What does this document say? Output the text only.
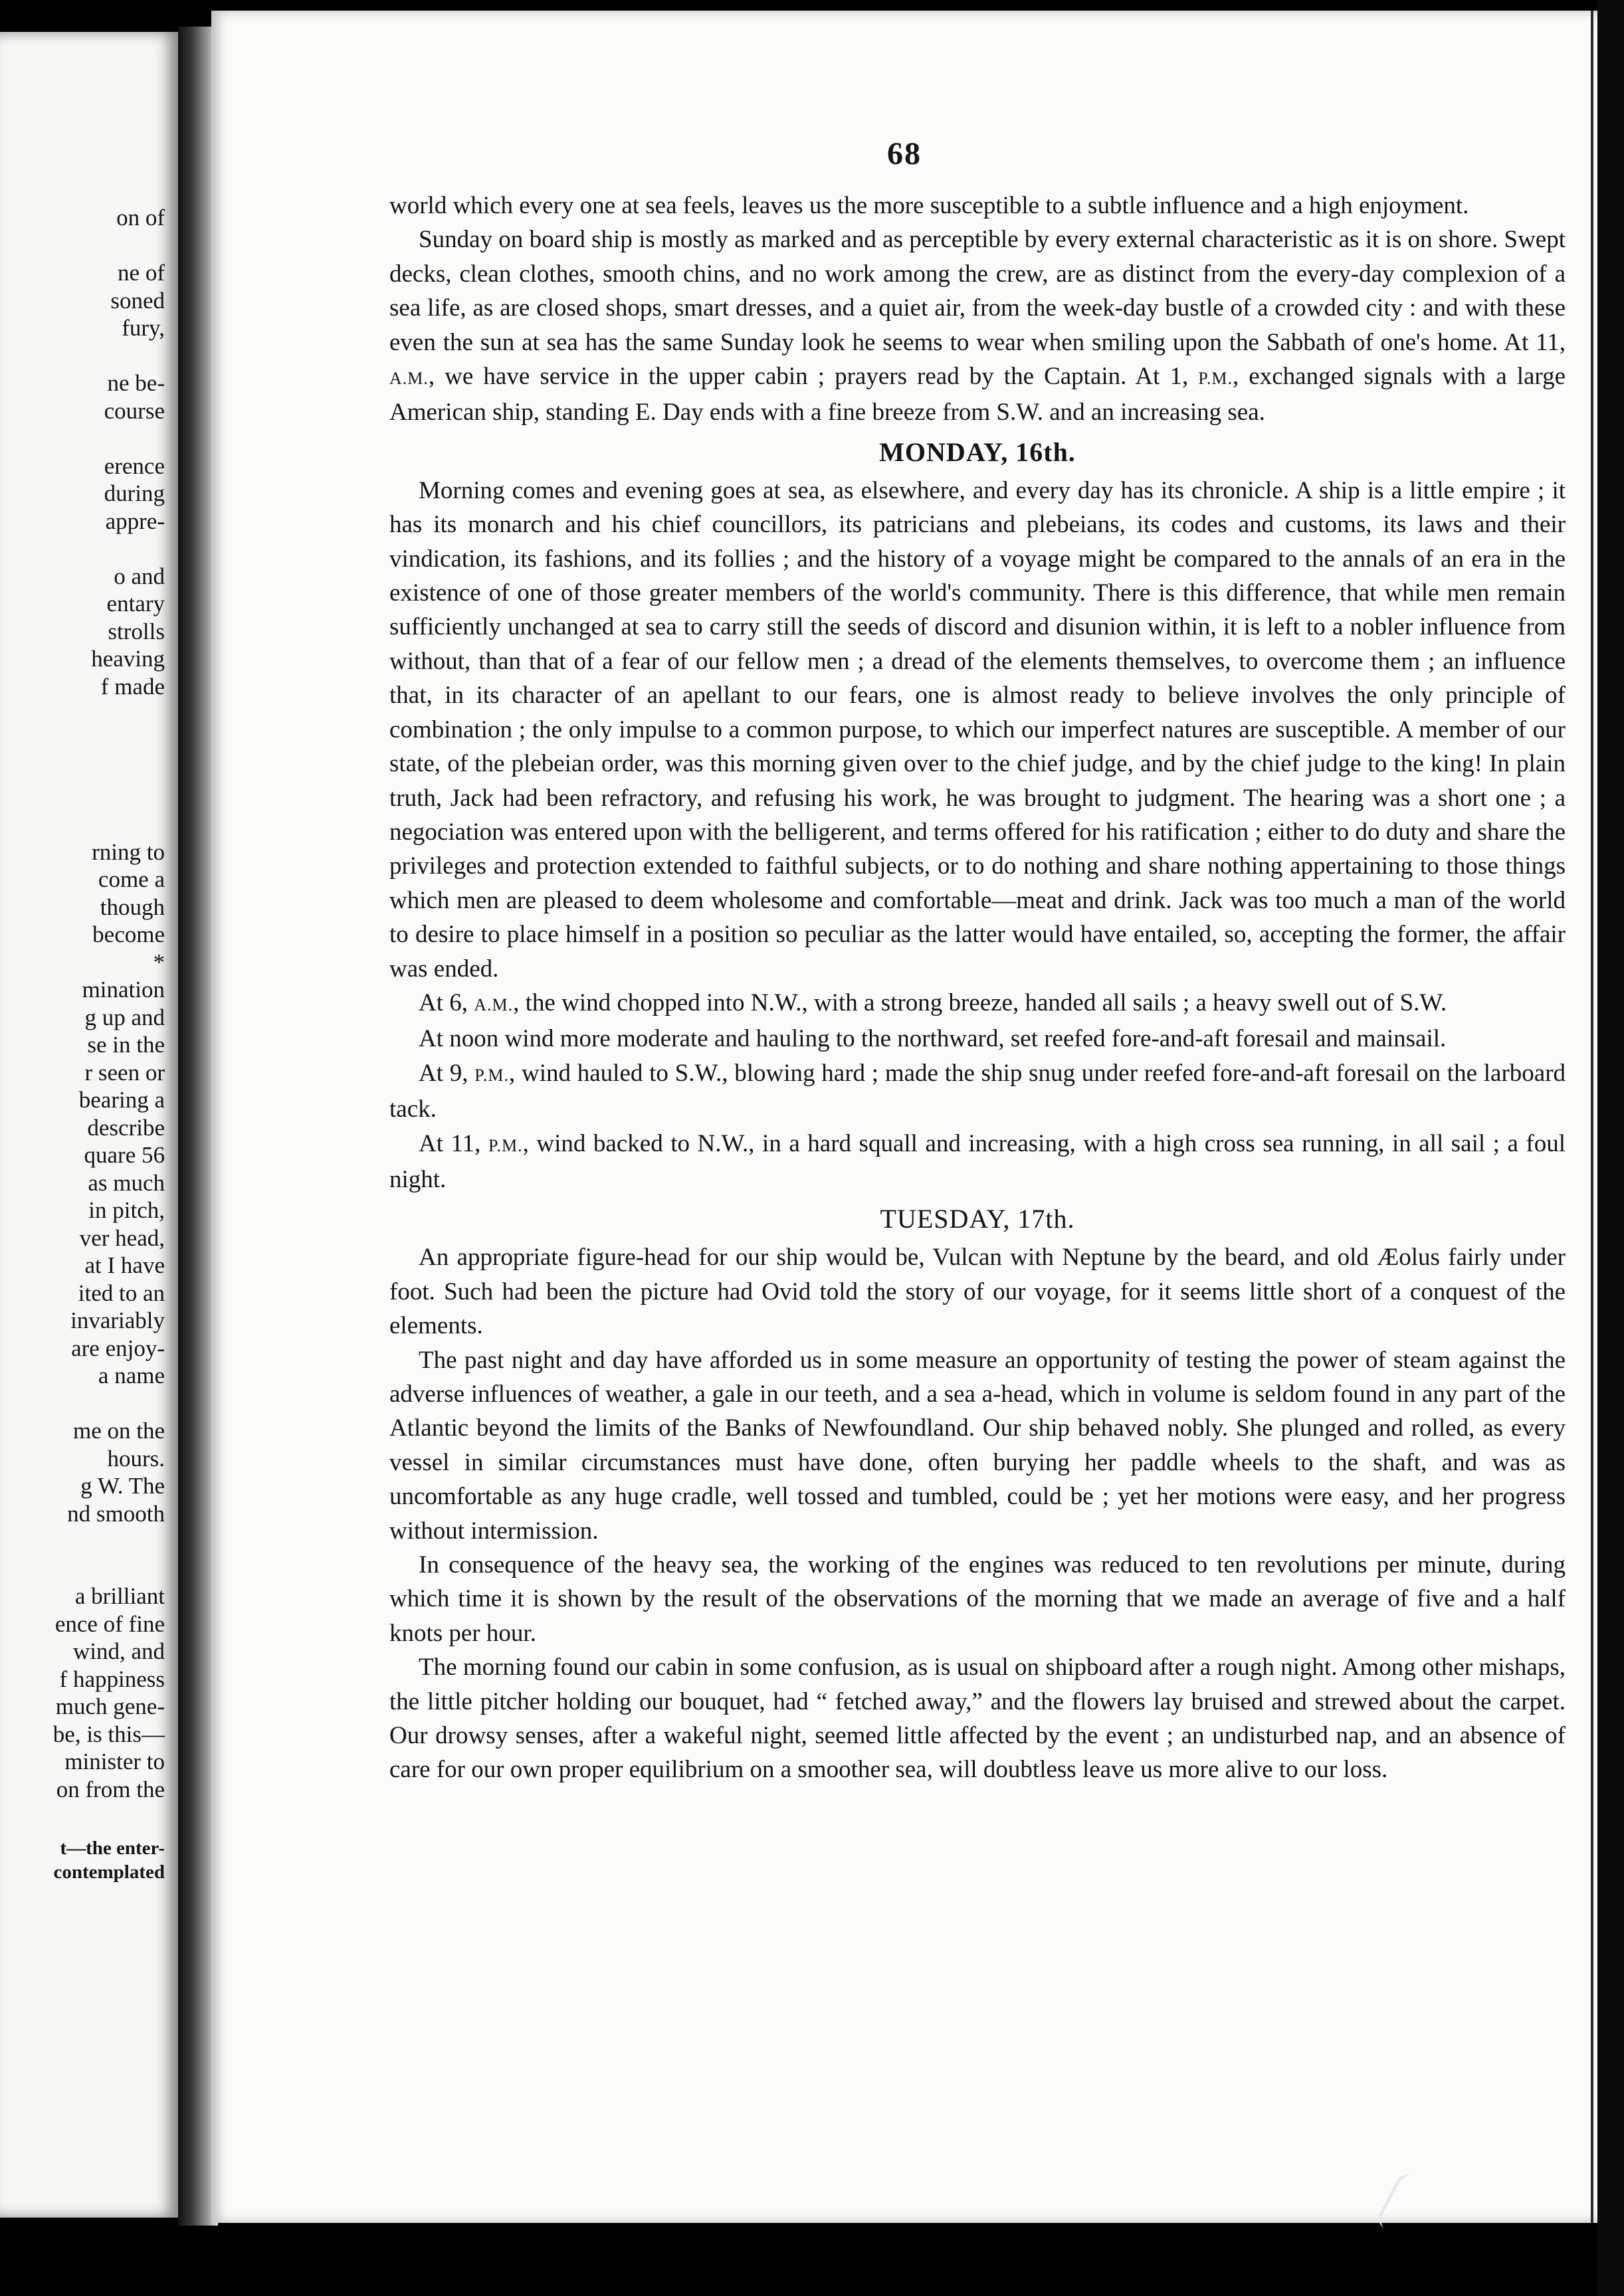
on of
ne of
soned
fury,
ne be-
course
erence
during
appre-
o and
entary
strolls
heaving
f made
rning to
come a
though
become
*
mination
g up and
se in the
r seen or
bearing a
describe
quare 56
as much
in pitch,
ver head,
at I have
ited to an
invariably
are enjoy-
a name
me on the
hours.
g W. The
nd smooth
a brilliant
ence of fine
wind, and
f happiness
much gene-
be, is this—
minister to
on from the
t—the enter-
contemplated
68

world which every one at sea feels, leaves us the more susceptible to a subtle influence and a high enjoyment.

Sunday on board ship is mostly as marked and as perceptible by every external characteristic as it is on shore. Swept decks, clean clothes, smooth chins, and no work among the crew, are as distinct from the every-day complexion of a sea life, as are closed shops, smart dresses, and a quiet air, from the week-day bustle of a crowded city : and with these even the sun at sea has the same Sunday look he seems to wear when smiling upon the Sabbath of one's home. At 11, A.M., we have service in the upper cabin ; prayers read by the Captain. At 1, P.M., exchanged signals with a large American ship, standing E. Day ends with a fine breeze from S.W. and an increasing sea.

MONDAY, 16th.

Morning comes and evening goes at sea, as elsewhere, and every day has its chronicle. A ship is a little empire ; it has its monarch and his chief councillors, its patricians and plebeians, its codes and customs, its laws and their vindication, its fashions, and its follies ; and the history of a voyage might be compared to the annals of an era in the existence of one of those greater members of the world's community. There is this difference, that while men remain sufficiently unchanged at sea to carry still the seeds of discord and disunion within, it is left to a nobler influence from without, than that of a fear of our fellow men ; a dread of the elements themselves, to overcome them ; an influence that, in its character of an apellant to our fears, one is almost ready to believe involves the only principle of combination ; the only impulse to a common purpose, to which our imperfect natures are susceptible. A member of our state, of the plebeian order, was this morning given over to the chief judge, and by the chief judge to the king! In plain truth, Jack had been refractory, and refusing his work, he was brought to judgment. The hearing was a short one ; a negociation was entered upon with the belligerent, and terms offered for his ratification ; either to do duty and share the privileges and protection extended to faithful subjects, or to do nothing and share nothing appertaining to those things which men are pleased to deem wholesome and comfortable—meat and drink. Jack was too much a man of the world to desire to place himself in a position so peculiar as the latter would have entailed, so, accepting the former, the affair was ended.

At 6, A.M., the wind chopped into N.W., with a strong breeze, handed all sails ; a heavy swell out of S.W.

At noon wind more moderate and hauling to the northward, set reefed fore-and-aft foresail and mainsail.

At 9, P.M., wind hauled to S.W., blowing hard ; made the ship snug under reefed fore-and-aft foresail on the larboard tack.

At 11, P.M., wind backed to N.W., in a hard squall and increasing, with a high cross sea running, in all sail ; a foul night.

TUESDAY, 17th.

An appropriate figure-head for our ship would be, Vulcan with Neptune by the beard, and old Æolus fairly under foot. Such had been the picture had Ovid told the story of our voyage, for it seems little short of a conquest of the elements.

The past night and day have afforded us in some measure an opportunity of testing the power of steam against the adverse influences of weather, a gale in our teeth, and a sea a-head, which in volume is seldom found in any part of the Atlantic beyond the limits of the Banks of Newfoundland. Our ship behaved nobly. She plunged and rolled, as every vessel in similar circumstances must have done, often burying her paddle wheels to the shaft, and was as uncomfortable as any huge cradle, well tossed and tumbled, could be ; yet her motions were easy, and her progress without intermission.

In consequence of the heavy sea, the working of the engines was reduced to ten revolutions per minute, during which time it is shown by the result of the observations of the morning that we made an average of five and a half knots per hour.

The morning found our cabin in some confusion, as is usual on shipboard after a rough night. Among other mishaps, the little pitcher holding our bouquet, had “ fetched away,” and the flowers lay bruised and strewed about the carpet. Our drowsy senses, after a wakeful night, seemed little affected by the event ; an undisturbed nap, and an absence of care for our own proper equilibrium on a smoother sea, will doubtless leave us more alive to our loss.
